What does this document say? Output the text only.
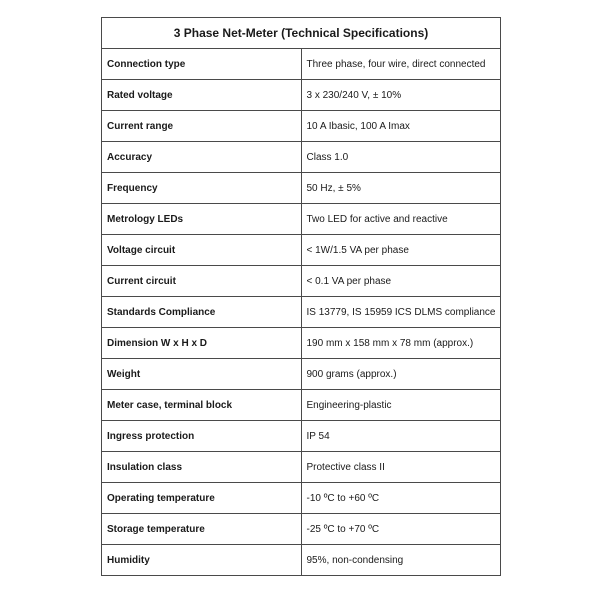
3 Phase Net-Meter (Technical Specifications)	
Connection type	Three phase, four wire, direct connected
Rated voltage	3 x 230/240 V, ± 10%
Current range	10 A Ibasic, 100 A Imax
Accuracy	Class 1.0
Frequency	50 Hz, ± 5%
Metrology LEDs	Two LED for active and reactive
Voltage circuit	< 1W/1.5 VA per phase
Current circuit	< 0.1 VA per phase
Standards Compliance	IS 13779, IS 15959 ICS DLMS compliance
Dimension W x H x D	190 mm x 158 mm x 78 mm (approx.)
Weight	900 grams (approx.)
Meter case, terminal block	Engineering-plastic
Ingress protection	IP 54
Insulation class	Protective class II
Operating temperature	-10 ºC to +60 ºC
Storage temperature	-25 ºC to +70 ºC
Humidity	95%, non-condensing
